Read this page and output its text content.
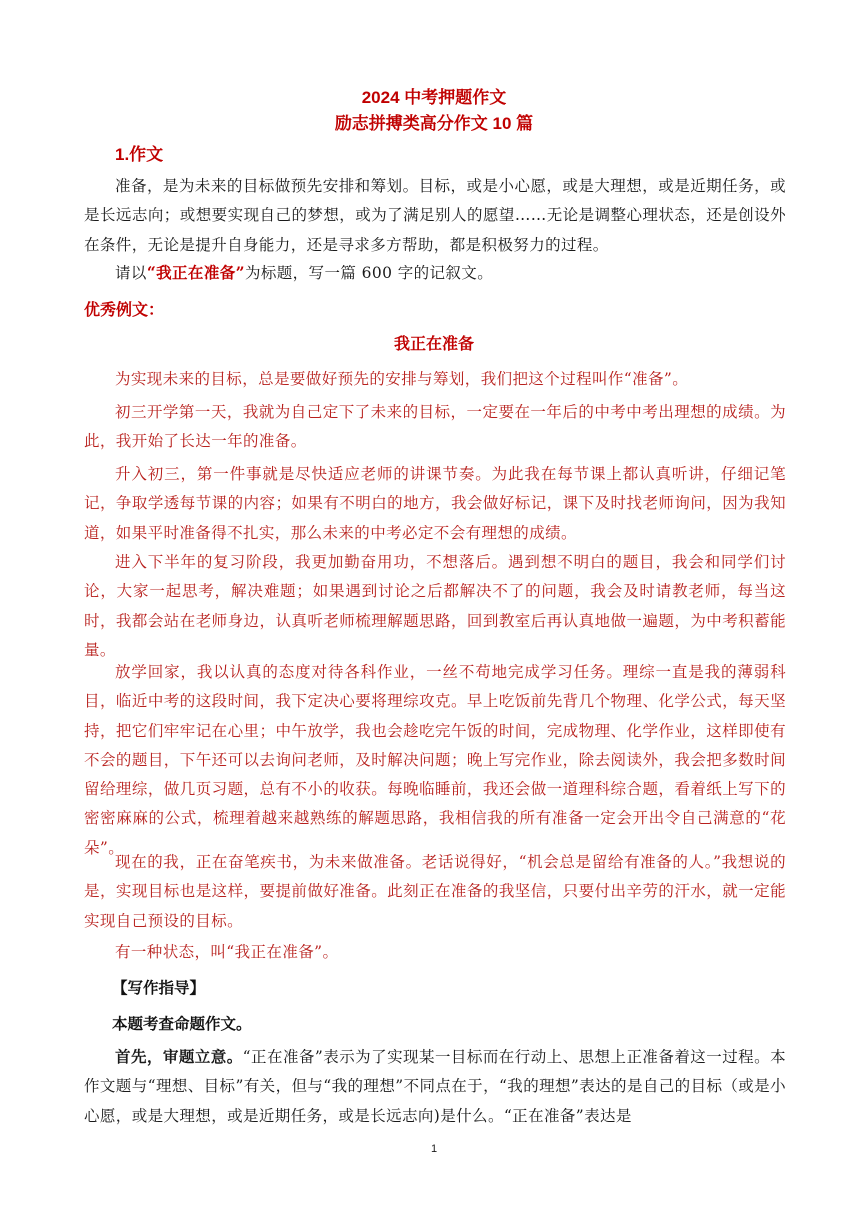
2024 中考押题作文
励志拼搏类高分作文 10 篇
1.作文
准备，是为未来的目标做预先安排和筹划。目标，或是小心愿，或是大理想，或是近期任务，或是长远志向；或想要实现自己的梦想，或为了满足别人的愿望……无论是调整心理状态，还是创设外在条件，无论是提升自身能力，还是寻求多方帮助，都是积极努力的过程。
请以“我正在准备”为标题，写一篇 600 字的记叙文。
优秀例文：
我正在准备
为实现未来的目标，总是要做好预先的安排与筹划，我们把这个过程叫作“准备”。
初三开学第一天，我就为自己定下了未来的目标，一定要在一年后的中考中考出理想的成绩。为此，我开始了长达一年的准备。
升入初三，第一件事就是尽快适应老师的讲课节奏。为此我在每节课上都认真听讲，仔细记笔记，争取学透每节课的内容；如果有不明白的地方，我会做好标记，课下及时找老师询问，因为我知道，如果平时准备得不扎实，那么未来的中考必定不会有理想的成绩。
进入下半年的复习阶段，我更加勤奋用功，不想落后。遇到想不明白的题目，我会和同学们讨论，大家一起思考，解决难题；如果遇到讨论之后都解决不了的问题，我会及时请教老师，每当这时，我都会站在老师身边，认真听老师梳理解题思路，回到教室后再认真地做一遍题，为中考积蓄能量。
放学回家，我以认真的态度对待各科作业，一丝不苟地完成学习任务。理综一直是我的薄弱科目，临近中考的这段时间，我下定决心要将理综攻克。早上吃饭前先背几个物理、化学公式，每天坚持，把它们牢牢记在心里；中午放学，我也会趁吃完午饭的时间，完成物理、化学作业，这样即使有不会的题目，下午还可以去询问老师，及时解决问题；晚上写完作业，除去阅读外，我会把多数时间留给理综，做几页习题，总有不小的收获。每晚临睡前，我还会做一道理科综合题，看着纸上写下的密密麻麻的公式，梳理着越来越熟练的解题思路，我相信我的所有准备一定会开出令自己满意的“花朵”。
现在的我，正在奋笔疾书，为未来做准备。老话说得好，“机会总是留给有准备的人。”我想说的是，实现目标也是这样，要提前做好准备。此刻正在准备的我坚信，只要付出辛劳的汗水，就一定能实现自己预设的目标。
有一种状态，叫“我正在准备”。
【写作指导】
本题考查命题作文。
首先，审题立意。“正在准备”表示为了实现某一目标而在行动上、思想上正准备着这一过程。本作文题与“理想、目标”有关，但与“我的理想”不同点在于，“我的理想”表达的是自己的目标（或是小心愿，或是大理想，或是近期任务，或是长远志向)是什么。“正在准备”表达是
1
